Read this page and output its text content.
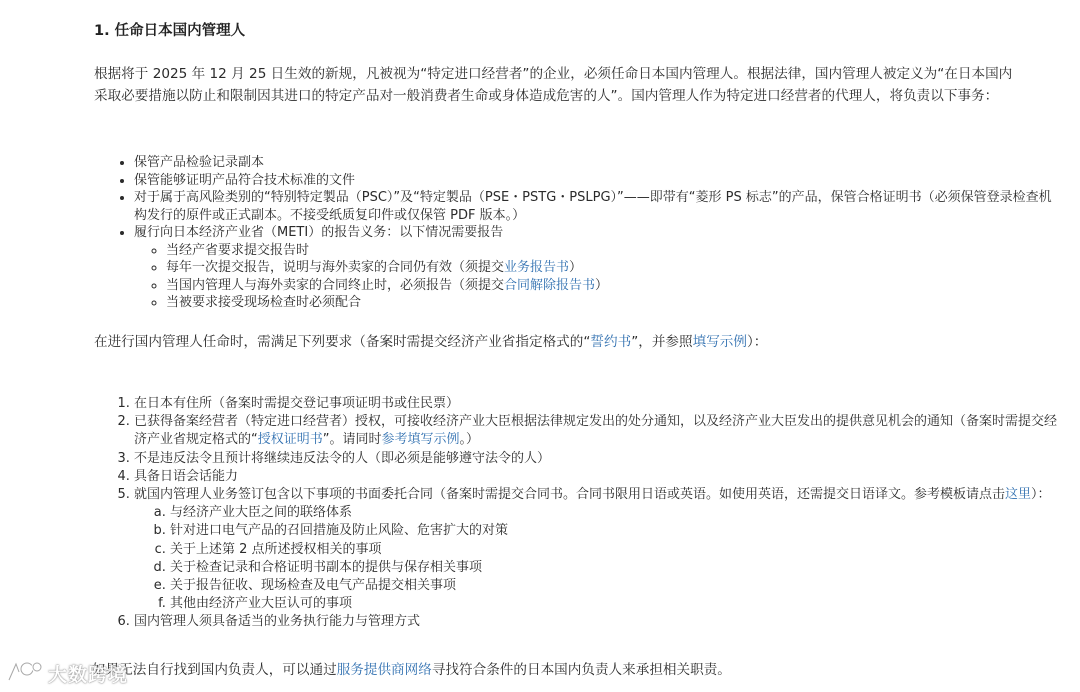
1. 任命日本国内管理人

根据将于 2025 年 12 月 25 日生效的新规，凡被视为“特定进口经营者”的企业，必须任命日本国内管理人。根据法律，国内管理人被定义为“在日本国内采取必要措施以防止和限制因其进口的特定产品对一般消费者生命或身体造成危害的人”。国内管理人作为特定进口经营者的代理人，将负责以下事务：

• 保管产品检验记录副本
• 保管能够证明产品符合技术标准的文件
• 对于属于高风险类别的“特别特定製品（PSC）”及“特定製品（PSE・PSTG・PSLPG）”——即带有“菱形 PS 标志”的产品，保管合格证明书（必须保管登录检查机构发行的原件或正式副本。不接受纸质复印件或仅保管 PDF 版本。）
• 履行向日本经济产业省（METI）的报告义务：以下情况需要报告
◦ 当经产省要求提交报告时
◦ 每年一次提交报告，说明与海外卖家的合同仍有效（须提交业务报告书）
◦ 当国内管理人与海外卖家的合同终止时，必须报告（须提交合同解除报告书）
◦ 当被要求接受现场检查时必须配合

在进行国内管理人任命时，需满足下列要求（备案时需提交经济产业省指定格式的“誓约书”，并参照填写示例）：

1. 在日本有住所（备案时需提交登记事项证明书或住民票）
2. 已获得备案经营者（特定进口经营者）授权，可接收经济产业大臣根据法律规定发出的处分通知，以及经济产业大臣发出的提供意见机会的通知（备案时需提交经济产业省规定格式的“授权证明书”。请同时参考填写示例。）
3. 不是违反法令且预计将继续违反法令的人（即必须是能够遵守法令的人）
4. 具备日语会话能力
5. 就国内管理人业务签订包含以下事项的书面委托合同（备案时需提交合同书。合同书限用日语或英语。如使用英语，还需提交日语译文。参考模板请点击这里）：
a. 与经济产业大臣之间的联络体系
b. 针对进口电气产品的召回措施及防止风险、危害扩大的对策
c. 关于上述第 2 点所述授权相关的事项
d. 关于检查记录和合格证明书副本的提供与保存相关事项
e. 关于报告征收、现场检查及电气产品提交相关事项
f. 其他由经济产业大臣认可的事项
6. 国内管理人须具备适当的业务执行能力与管理方式

如果无法自行找到国内负责人，可以通过服务提供商网络寻找符合条件的日本国内负责人来承担相关职责。

大数跨境
